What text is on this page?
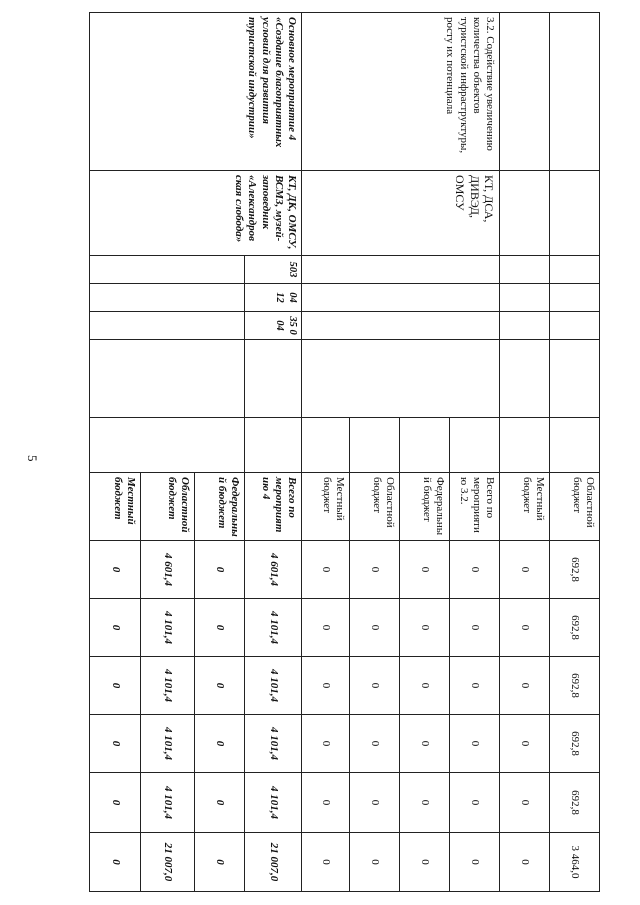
5
							Областной бюджет	692,8	692,8	692,8	692,8	692,8	3 464,0
							Местный бюджет	0	0	0	0	0	0
3.2. Содействие увеличению количества объектов туристской инфраструктуры, росту их потенциала	КТ, ДСА, ДИВЭД, ОМСУ						Всего по мероприяти ю 3.2.	0	0	0	0	0	0
							Федеральны й бюджет	0	0	0	0	0	0
							Областной бюджет	0	0	0	0	0	0
							Местный бюджет	0	0	0	0	0	0
Основное мероприятие 4 «Создание благоприятных условий для развития туристской индустрии»	КТ, ДК, ОМСУ, ВСМЗ, музей-заповедник «Александров ская слобода»	503	04 12	35 0 04			Всего по мероприят ию 4	4 601,4	4 101,4	4 101,4	4 101,4	4 101,4	21 007,0
							Федеральны й бюджет	0	0	0	0	0	0
							Областной бюджет	4 601,4	4 101,4	4 101,4	4 101,4	4 101,4	21 007,0
							Местный бюджет	0	0	0	0	0	0
